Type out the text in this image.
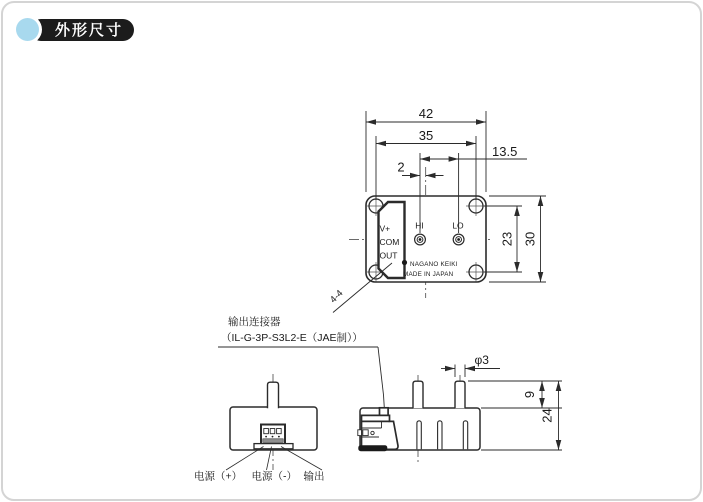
外形尺寸
V+
COM
OUT
HI	LO
NAGANO KEIKI
MADE IN JAPAN
42
35
13.5
2
23 30
4-4
输出连接器
（IL-G-3P-S3L2-E（JAE制））
电源（+） 电源（-） 输出
φ3
9
24
